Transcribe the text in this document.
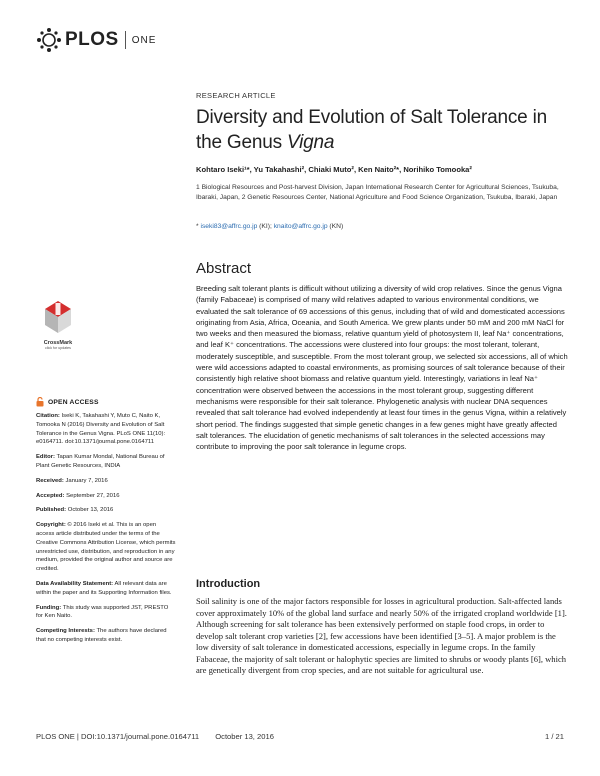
PLOS ONE
RESEARCH ARTICLE
Diversity and Evolution of Salt Tolerance in the Genus Vigna
Kohtaro Iseki¹*, Yu Takahashi², Chiaki Muto², Ken Naito²*, Norihiko Tomooka²
1 Biological Resources and Post-harvest Division, Japan International Research Center for Agricultural Sciences, Tsukuba, Ibaraki, Japan, 2 Genetic Resources Center, National Agriculture and Food Science Organization, Tsukuba, Ibaraki, Japan
* iseki83@affrc.go.jp (KI); knaito@affrc.go.jp (KN)
Abstract

Breeding salt tolerant plants is difficult without utilizing a diversity of wild crop relatives. Since the genus Vigna (family Fabaceae) is comprised of many wild relatives adapted to various environmental conditions, we evaluated the salt tolerance of 69 accessions of this genus, including that of wild and domesticated accessions originating from Asia, Africa, Oceania, and South America. We grew plants under 50 mM and 200 mM NaCl for two weeks and then measured the biomass, relative quantum yield of photosystem II, leaf Na⁺ concentrations, and leaf K⁺ concentrations. The accessions were clustered into four groups: the most tolerant, tolerant, moderately susceptible, and susceptible. From the most tolerant group, we selected six accessions, all of which were wild accessions adapted to coastal environments, as promising sources of salt tolerance because of their consistently high relative shoot biomass and relative quantum yield. Interestingly, variations in leaf Na⁺ concentration were observed between the accessions in the most tolerant group, suggesting different mechanisms were responsible for their salt tolerance. Phylogenetic analysis with nuclear DNA sequences revealed that salt tolerance had evolved independently at least four times in the genus Vigna, within a relatively short period. The findings suggested that simple genetic changes in a few genes might have greatly affected salt tolerances. The elucidation of genetic mechanisms of salt tolerances in the selected accessions may contribute to improving the poor salt tolerance in legume crops.

Introduction

Soil salinity is one of the major factors responsible for losses in agricultural production. Salt-affected lands cover approximately 10% of the global land surface and nearly 50% of the irrigated cropland worldwide [1]. Although screening for salt tolerance has been extensively performed on staple food crops, in order to develop salt tolerant crop varieties [2], few accessions have been identified [3–5]. A major problem is the low diversity of salt tolerance in domesticated accessions, especially in legume crops. In the family Fabaceae, the majority of salt tolerant or halophytic species are limited to shrubs or woody plants [6], which are genetically divergent from crop species, and are not suitable for agricultural use.

CrossMark
click for updates
OPEN ACCESS
Citation: Iseki K, Takahashi Y, Muto C, Naito K, Tomooka N (2016) Diversity and Evolution of Salt Tolerance in the Genus Vigna. PLoS ONE 11(10): e0164711. doi:10.1371/journal.pone.0164711
Editor: Tapan Kumar Mondal, National Bureau of Plant Genetic Resources, INDIA
Received: January 7, 2016
Accepted: September 27, 2016
Published: October 13, 2016
Copyright: © 2016 Iseki et al. This is an open access article distributed under the terms of the Creative Commons Attribution License, which permits unrestricted use, distribution, and reproduction in any medium, provided the original author and source are credited.
Data Availability Statement: All relevant data are within the paper and its Supporting Information files.
Funding: This study was supported JST, PRESTO for Ken Naito.
Competing Interests: The authors have declared that no competing interests exist.
PLOS ONE | DOI:10.1371/journal.pone.0164711 October 13, 2016	1 / 21
